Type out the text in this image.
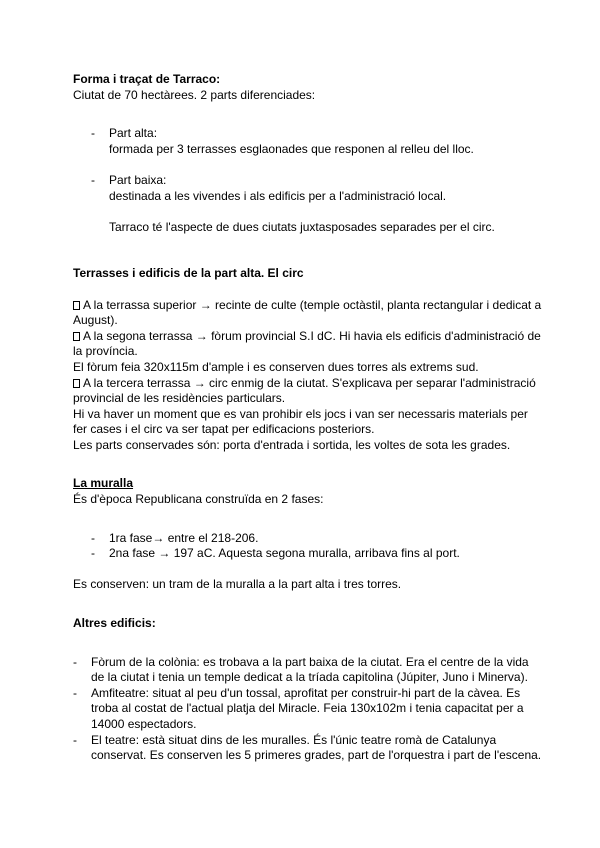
Forma i traçat de Tarraco:

Ciutat de 70 hectàrees. 2 parts diferenciades:

-	Part alta:

formada per 3 terrasses esglaonades que responen al relleu del lloc.

-	Part baixa:

destinada a les vivendes i als edificis per a l'administració local.

Tarraco té l'aspecte de dues ciutats juxtasposades separades per el circ.

Terrasses i edificis de la part alta. El circ

A la terrassa superior → recinte de culte (temple octàstil, planta rectangular i dedicat a August).

A la segona terrassa → fòrum provincial S.I dC. Hi havia els edificis d'administració de la província.

El fòrum feia 320x115m d'ample i es conserven dues torres als extrems sud.

A la tercera terrassa → circ enmig de la ciutat. S'explicava per separar l'administració provincial de les residències particulars.

Hi va haver un moment que es van prohibir els jocs i van ser necessaris materials per fer cases i el circ va ser tapat per edificacions posteriors.

Les parts conservades són: porta d'entrada i sortida, les voltes de sota les grades.

La muralla

És d'època Republicana construïda en 2 fases:

-	1ra fase→ entre el 218-206.
-	2na fase → 197 aC. Aquesta segona muralla, arribava fins al port.

Es conserven: un tram de la muralla a la part alta i tres torres.

Altres edificis:

-	Fòrum de la colònia: es trobava a la part baixa de la ciutat. Era el centre de la vida de la ciutat i tenia un temple dedicat a la tríada capitolina (Júpiter, Juno i Minerva).
-	Amfiteatre: situat al peu d'un tossal, aprofitat per construir-hi part de la càvea. Es troba al costat de l'actual platja del Miracle. Feia 130x102m i tenia capacitat per a 14000 espectadors.
-	El teatre: està situat dins de les muralles. És l'únic teatre romà de Catalunya conservat. Es conserven les 5 primeres grades, part de l'orquestra i part de l'escena.
